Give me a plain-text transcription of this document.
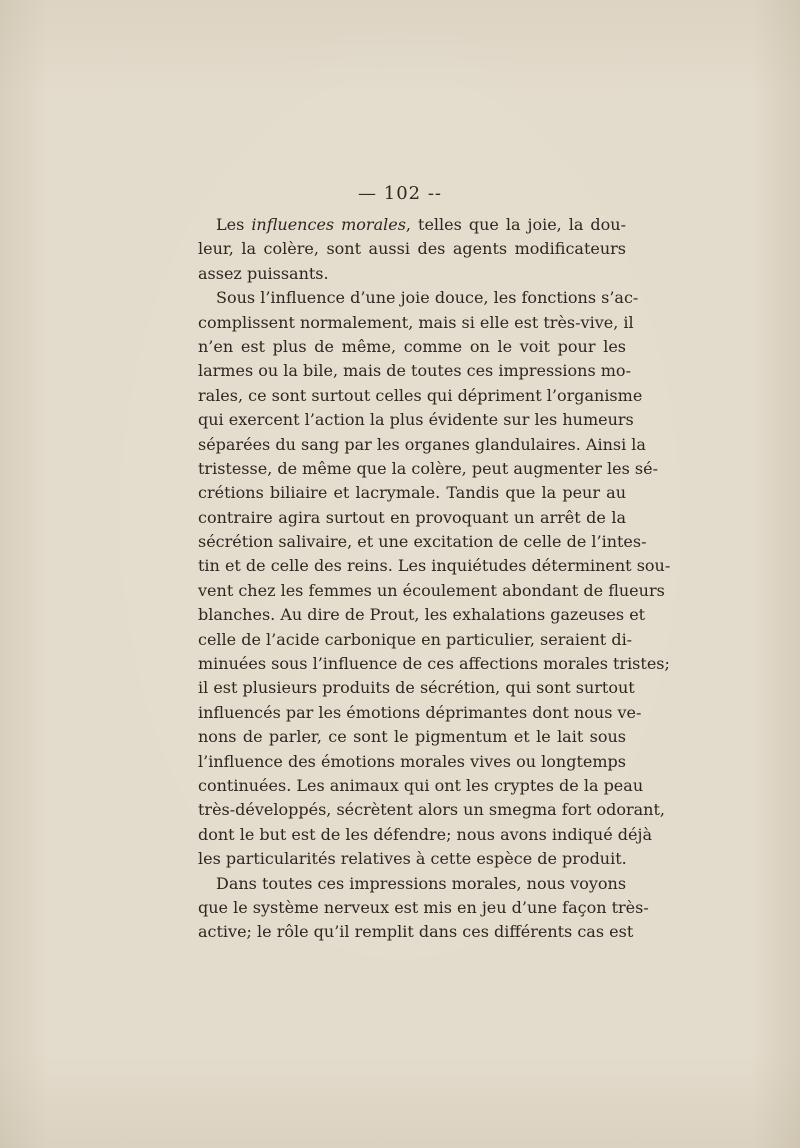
— 102 --
Les influences morales, telles que la joie, la dou-
leur, la colère, sont aussi des agents modificateurs
assez puissants.
Sous l’influence d’une joie douce, les fonctions s’ac-
complissent normalement, mais si elle est très-vive, il
n’en est plus de même, comme on le voit pour les
larmes ou la bile, mais de toutes ces impressions mo-
rales, ce sont surtout celles qui dépriment l’organisme
qui exercent l’action la plus évidente sur les humeurs
séparées du sang par les organes glandulaires. Ainsi la
tristesse, de même que la colère, peut augmenter les sé-
crétions biliaire et lacrymale. Tandis que la peur au
contraire agira surtout en provoquant un arrêt de la
sécrétion salivaire, et une excitation de celle de l’intes-
tin et de celle des reins. Les inquiétudes déterminent sou-
vent chez les femmes un écoulement abondant de flueurs
blanches. Au dire de Prout, les exhalations gazeuses et
celle de l’acide carbonique en particulier, seraient di-
minuées sous l’influence de ces affections morales tristes;
il est plusieurs produits de sécrétion, qui sont surtout
influencés par les émotions déprimantes dont nous ve-
nons de parler, ce sont le pigmentum et le lait sous
l’influence des émotions morales vives ou longtemps
continuées. Les animaux qui ont les cryptes de la peau
très-développés, sécrètent alors un smegma fort odorant,
dont le but est de les défendre; nous avons indiqué déjà
les particularités relatives à cette espèce de produit.
Dans toutes ces impressions morales, nous voyons
que le système nerveux est mis en jeu d’une façon très-
active; le rôle qu’il remplit dans ces différents cas est
